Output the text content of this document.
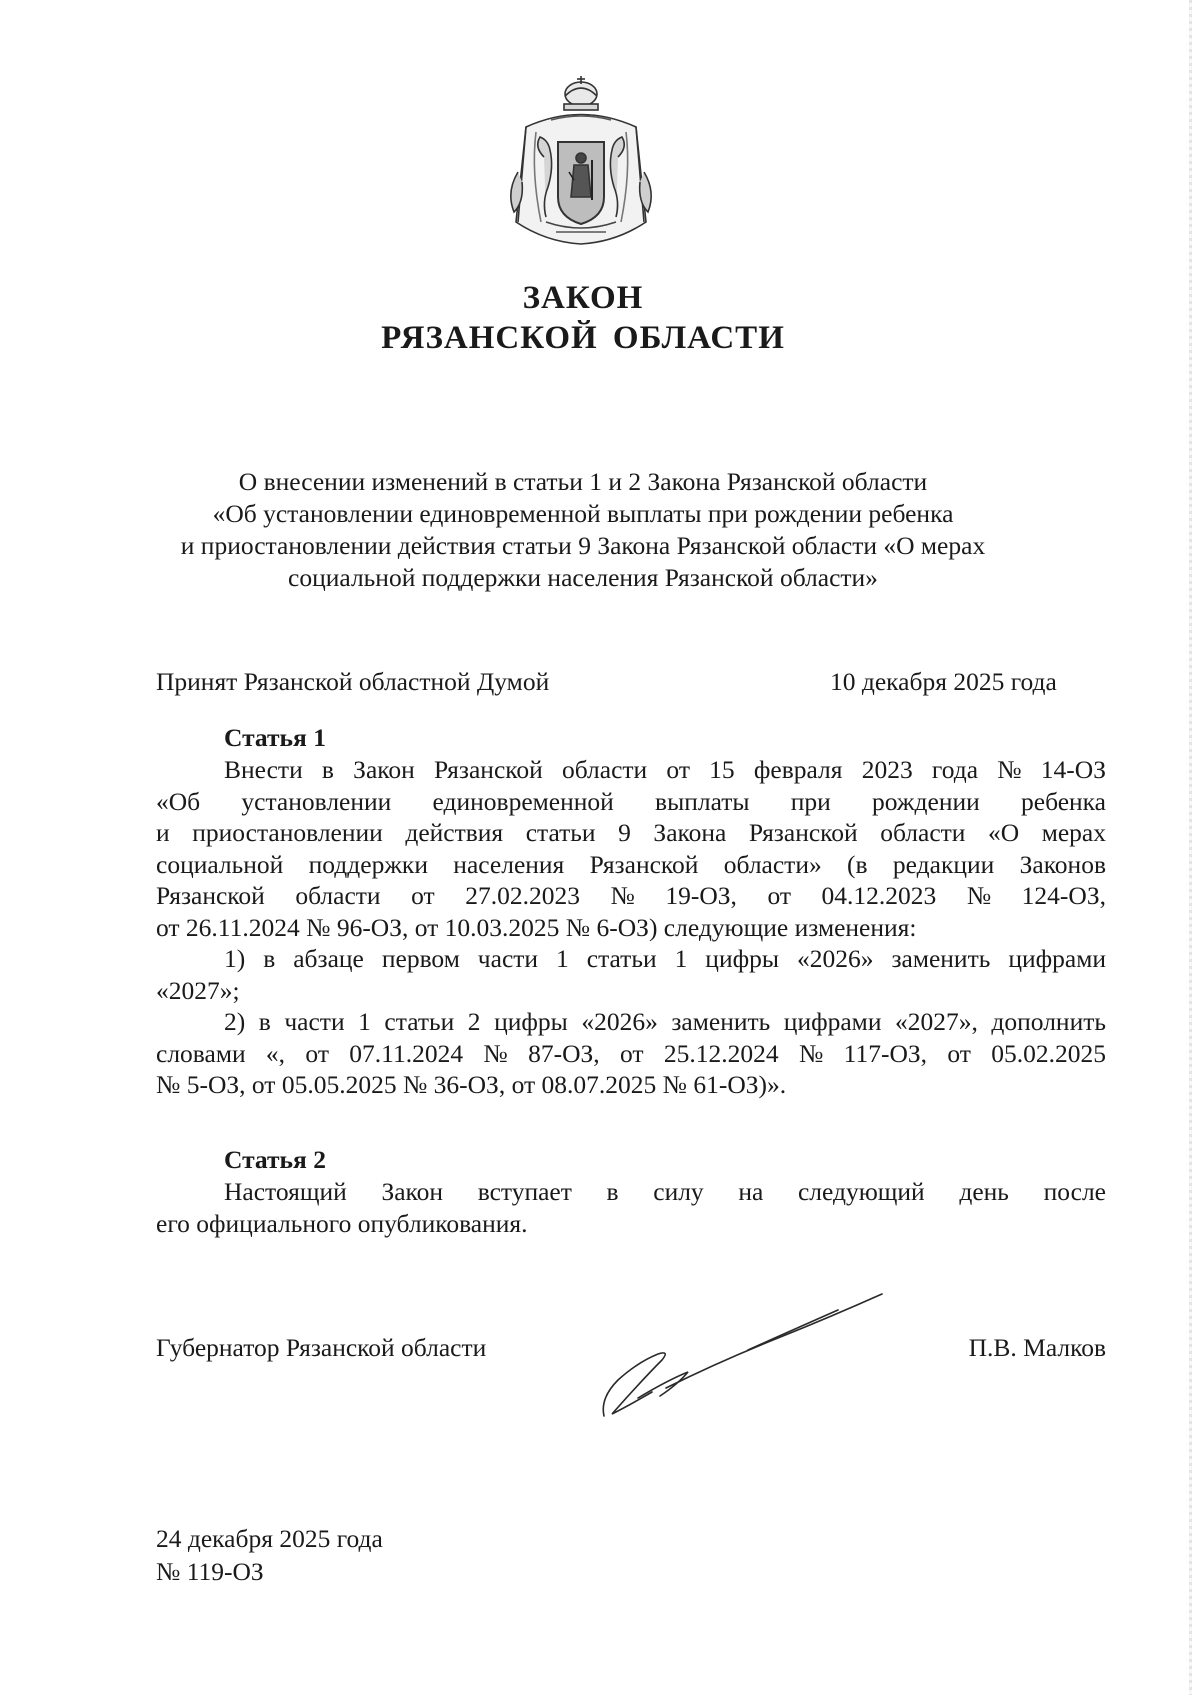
ЗАКОН
РЯЗАНСКОЙ ОБЛАСТИ
О внесении изменений в статьи 1 и 2 Закона Рязанской области
«Об установлении единовременной выплаты при рождении ребенка
и приостановлении действия статьи 9 Закона Рязанской области «О мерах
социальной поддержки населения Рязанской области»
Принят Рязанской областной Думой	10 декабря 2025 года
Статья 1
Внести в Закон Рязанской области от 15 февраля 2023 года № 14-ОЗ
«Об установлении единовременной выплаты при рождении ребенка
и приостановлении действия статьи 9 Закона Рязанской области «О мерах
социальной поддержки населения Рязанской области» (в редакции Законов
Рязанской области от 27.02.2023 № 19-ОЗ, от 04.12.2023 № 124-ОЗ,
от 26.11.2024 № 96-ОЗ, от 10.03.2025 № 6-ОЗ) следующие изменения:
1) в абзаце первом части 1 статьи 1 цифры «2026» заменить цифрами
«2027»;
2) в части 1 статьи 2 цифры «2026» заменить цифрами «2027», дополнить
словами «, от 07.11.2024 № 87-ОЗ, от 25.12.2024 № 117-ОЗ, от 05.02.2025
№ 5-ОЗ, от 05.05.2025 № 36-ОЗ, от 08.07.2025 № 61-ОЗ)».
Статья 2
Настоящий Закон вступает в силу на следующий день после
его официального опубликования.
Губернатор Рязанской области	П.В. Малков
24 декабря 2025 года
№ 119-ОЗ
